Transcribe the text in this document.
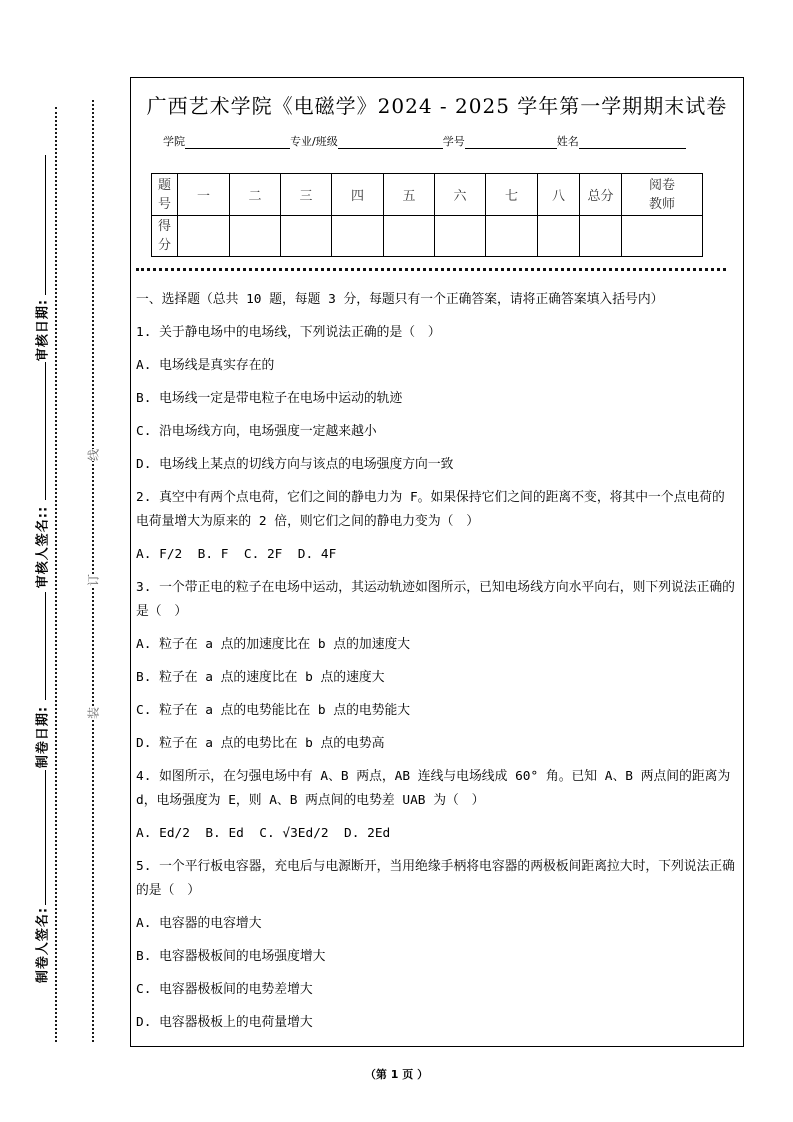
审核日期:
审核人签名::
制卷日期:
制卷人签名:
线
订
装
广西艺术学院《电磁学》2024 - 2025 学年第一学期期末试卷
学院	专业/班级	学号	姓名
题号	一	二	三	四	五	六	七	八	总分	阅卷教师
得分										

一、选择题（总共 10 题，每题 3 分，每题只有一个正确答案，请将正确答案填入括号内）

1. 关于静电场中的电场线，下列说法正确的是（　）

A. 电场线是真实存在的

B. 电场线一定是带电粒子在电场中运动的轨迹

C. 沿电场线方向，电场强度一定越来越小

D. 电场线上某点的切线方向与该点的电场强度方向一致

2. 真空中有两个点电荷，它们之间的静电力为 F。如果保持它们之间的距离不变，将其中一个点电荷的电荷量增大为原来的 2 倍，则它们之间的静电力变为（　）

A. F/2  B. F  C. 2F  D. 4F

3. 一个带正电的粒子在电场中运动，其运动轨迹如图所示，已知电场线方向水平向右，则下列说法正确的是（　）

A. 粒子在 a 点的加速度比在 b 点的加速度大

B. 粒子在 a 点的速度比在 b 点的速度大

C. 粒子在 a 点的电势能比在 b 点的电势能大

D. 粒子在 a 点的电势比在 b 点的电势高

4. 如图所示，在匀强电场中有 A、B 两点，AB 连线与电场线成 60° 角。已知 A、B 两点间的距离为 d，电场强度为 E，则 A、B 两点间的电势差 UAB 为（　）

A. Ed/2  B. Ed  C. √3Ed/2  D. 2Ed

5. 一个平行板电容器，充电后与电源断开，当用绝缘手柄将电容器的两极板间距离拉大时，下列说法正确的是（　）

A. 电容器的电容增大

B. 电容器极板间的电场强度增大

C. 电容器极板间的电势差增大

D. 电容器极板上的电荷量增大

（第 1 页 ）
